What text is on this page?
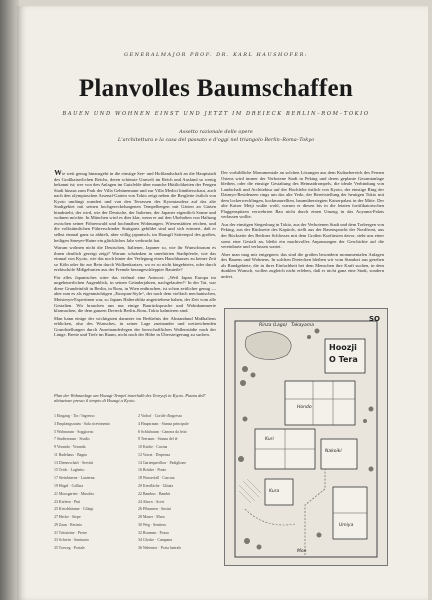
GENERALMAJOR PROF. DR. KARL HAUSHOFER:
Planvolles Baumschaffen
BAUEN UND WOHNEN EINST UND JETZT IM DREIECK BERLIN–ROM–TOKIO
Assetto razionale delle opere
L'architettura e la casa del passato e d'oggi nel triangolo Berlin–Roma–Tokyo

Wie weit genug hinausgeht in die einstige See- und Hoftlandschaft an die Hauptstadt des Großkaiserlichen Reichs, deren schönste Umwelt im Reich und Ausland so wenig bekannt ist; wer von den Anlagen im Gutsfelde über manche Hüttlichkeiten der Fengen Stadt hinaus zum Park der Villa Gebünemann und zur Villa Medici hinüberschaut, auch nach den olympiaschen Arsenal-Garten von Tokio zeigt neben die Bergleite östlich von Kyoto umfängt wandert und von den Terrassen des Kyomizudera auf das alte Stadtgebiet mit seinen hochgereckelungenen Tempelbergen mit Gärten an Gärten hinabsieht, der wird, wie der Deutsche, der Italiener, der Japaner eigentlich Sonne und wohnen möchte. In München wird es dies klar, wenn er auf den Ubehalten von Haftung zwischen seiner Föhrenwald und hochmähen Wohnungen. Wiesenstätten reichen, und die volkstümlichen Führerschinder Stuttgarts gebildet sind und sich erinnert, daß er selbst einmal ganz so abhielt, aber völlig japanisch, im Hausgil Sotterepol des großen, heiligen Smeyer-Haine ein glückliches Jahr verbracht hat.

Warum wohnen nicht die Deutschen, Italiener, Japaner so, wie ihr Wunschtraum es ihnen deutlich gezeigt zeigt? Warum schränken in unerhörten Stadtpferde, wie das einmal von Kyoto, wie das noch hinter der Verlegung eines Hauchhauses zu keiner Zeit so Köln oder für zur Rein durch Wolkenkratzer, wo es so nicht kingebietes, oder durch erzbischöfe Mißgeburten aus der Fremde herangeschleppter Bauteile?

Für alles Japanisches wäre das vielmal eine Antwort: „Weil Japan Europa im ungeheuerlichen Augenblick, in seinen Gründerjahren, nachgelaufen!“ In der Tat, war diese Grundeinfalt in Berlin, in Rom, in Wien entbrachen, ist schon zeitlicher genug — aber nun es als eigenmächtigen „Europan-Style“, der nach dem vielfach mechanischen, Meisteryn-Expertinen war, so Japans Halteroblitz angetriebene haben, der Zeit vom alle Gestalten. Wir brauchen uns nur einige Baurücksprache und Wohnkammerie klarmachen, die dem ganzen Dreieck Berlin–Rom–Tokio kalmieren sind.

Man kann einige der wichtigsten darunter im Bedürfnis der Abstandund Maßhaltens erblicken, also des Wunsches, in seiner Lage zueinander und weitreichenden Grundstellungen durch Auseinanderlegen der herrschaftlichen Wallenstädte nach der Länge. Breite und Tiefe im Raum, nicht nach der Höhe in Übersteigerung zu suchen.

Der vorbildliche Monumentale an solchen Lösungen aus dem Kulturbereich des Fernen Ostens wird immer der Verbotene Stadt in Peking und deren geplante Gesamtanlage bleiben, oder die einstige Gestaltung des Heimatdrompels, die ideale Verbindung von Landschaft und Architektur auf der Hochfelte östlich von Kyoto, der einstige Ring der Daimyo-Residenzen rings um das alte Yedo, der Bereitstellung der heutigen Tokio mit dem lockerwechlingen, kockmaurellien, baumübersiegten Kaiserpalast in der Mitte. Der alte Kaiser Meiji wußte wohl, warum er diesen bis in die letzten fortifikatorischen Flaggenspitzen verwehrten Bau nicht durch einen Umzug in das Aoyama-Palais verlassen wollte.

Aus der einstigen Siegesburg in Tokio, aus der Verbotenen Stadt und dem Torbergen von Peking, aus der Rückseite des Kapitols, stellt aus der Rasenspracht der Nordfront, aus der Rückseite des Berliner Schlosses mit dem Großen Kurfürsten davor, sieht uns einer sonst eine Gestalt an, bleibt ein machtvolles Anpassungen der Geschichte auf die vereinbarte und verlassen wartet.

Aber man mag mir entgegnen: das sind die großen besondern monumentalen Anlagen des Bauens und Wohnens. In solchen Dreiecken bleiben wir vom Standort aus gesehen als Randgebiete, die in ihrer Einfachheit bei dem Menschen ihre Kraft suchen, in dem dunklen Wunsch, wollen zugleich nicht erleben, daß er nicht ganz eine Stadt, sondern unfrei.

Plan der Wohnanlage am Hozugi-Tempel innerhalb des Tenryuji in Kyoto. Pianta dell' abitazione presso il tempio di Hozugi a Kyoto.
1 Eingang · Tor / Ingresso	2 Vorhof · Cortile d'ingresso
3 Empfangsraum · Sala ricevimento	4 Hauptraum · Stanza principale
5 Wohnraum · Soggiorno	6 Schlafraum · Camera da letto
7 Studierraum · Studio	8 Teeraum · Stanza del tè
9 Veranda · Veranda	10 Küche · Cucina
11 Badehaus · Bagno	12 Vorrat · Dispensa
13 Dienerschaft · Servitù	14 Gartenpavillon · Padiglione
15 Teich · Laghetto	16 Brücke · Ponte
17 Steinlaterne · Lanterna	18 Wasserfall · Cascata
19 Hügel · Collina	20 Kiesfläche · Ghiaia
21 Moosgarten · Muschio	22 Bambus · Bambù
23 Kiefern · Pini	24 Ahorn · Aceri
25 Kirschbäume · Ciliegi	26 Pflaumen · Susini
27 Hecke · Siepe	28 Mauer · Muro
29 Zaun · Recinto	30 Weg · Sentiero
31 Trittsteine · Pietre	32 Brunnen · Pozzo
33 Schrein · Santuario	34 Glocke · Campana
35 Torweg · Portale	36 Nebentor · Porta laterale
Rinza (Lago) Takayama
Hoozji
O Tera
SO
Hondo
Kuri
Nakoiki
Kura
Umiya
Mon
